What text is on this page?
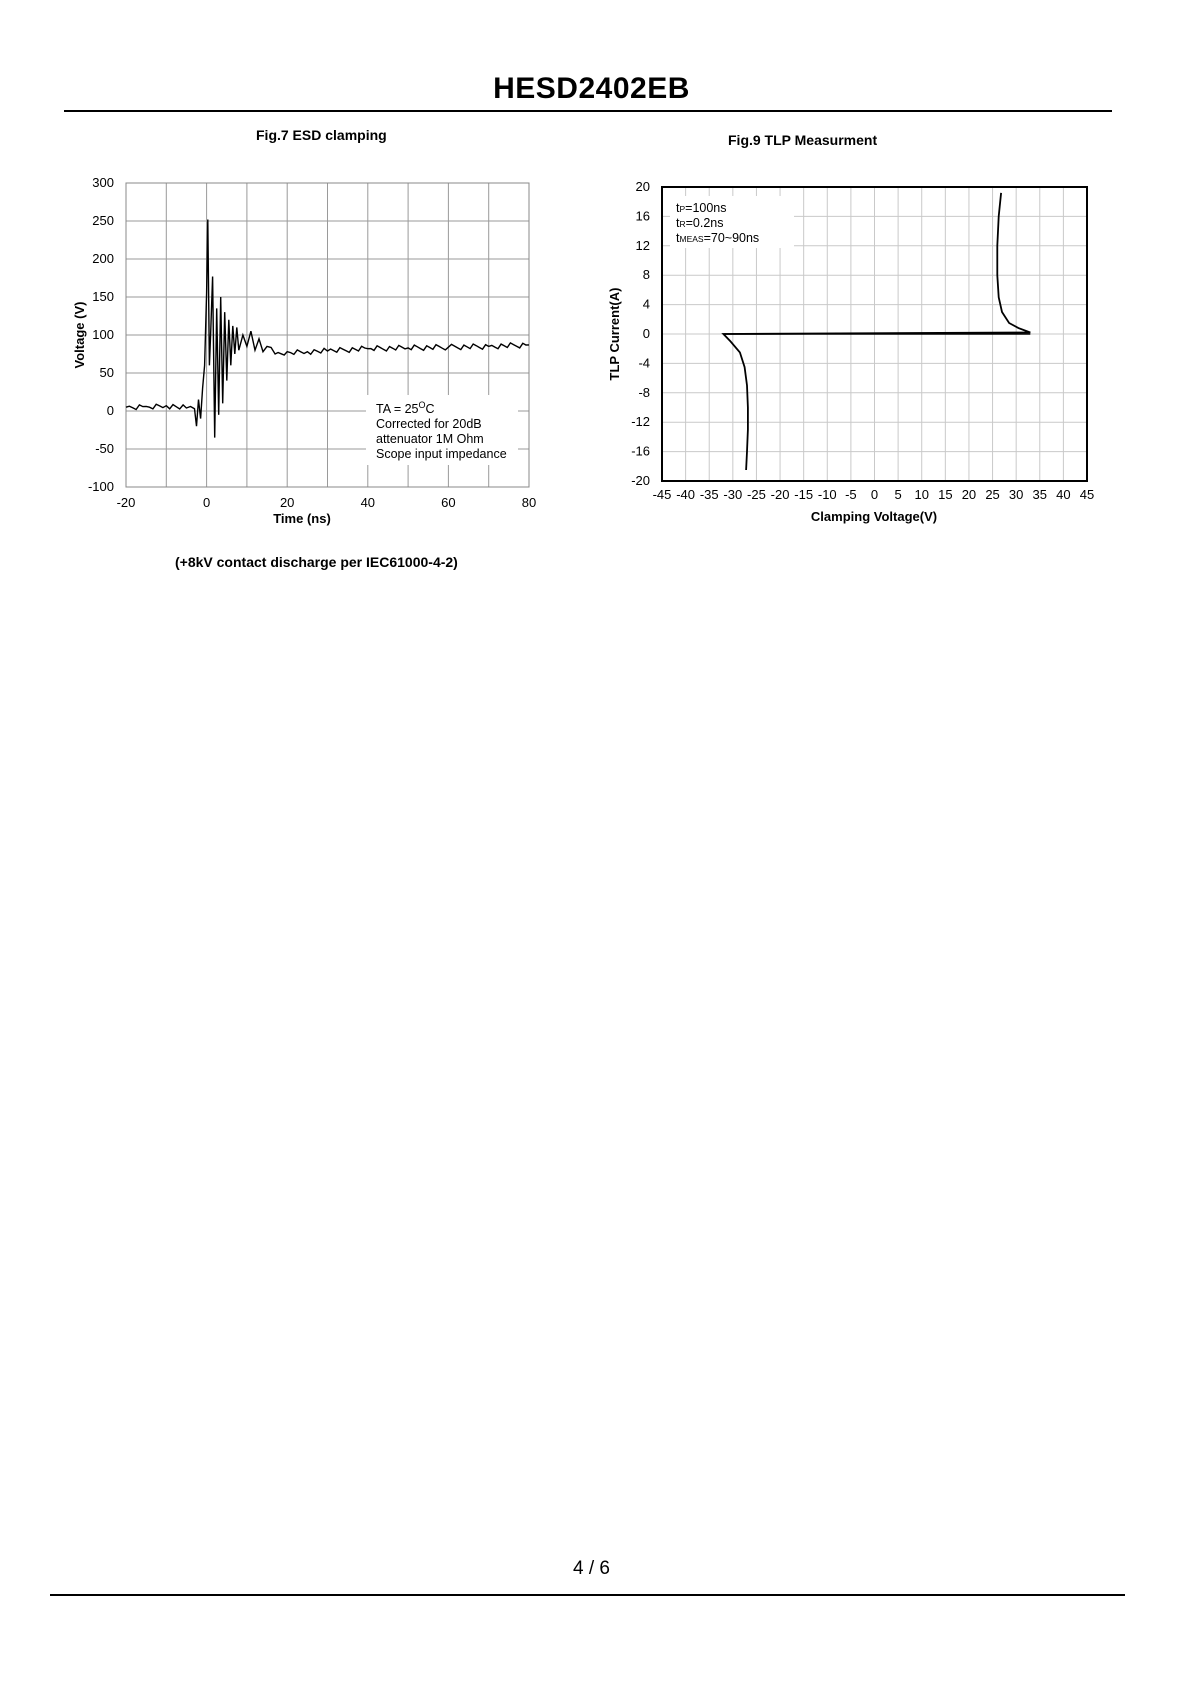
HESD2402EB
Fig.7 ESD clamping	Fig.9 TLP Measurment
-20	0	20	40	60	80
-100
-50
0
50
100
150
200
250
300
Voltage (V)
Time (ns)
TA = $25^OC$
Corrected for 20dB
attenuator 1M Ohm
Scope input impedance
-45 -40 -35 -30 -25 -20 -15 -10 -5 0 5 10 15 20 25 30 35 40 45
-20
-16
-12
-8
-4
0
4
8
12
16
20
TLP Current(A)
Clamping Voltage(V)
tP=100ns
tR=0.2ns
tMEAS=70~90ns
(+8kV contact discharge per IEC61000-4-2)
4 / 6
